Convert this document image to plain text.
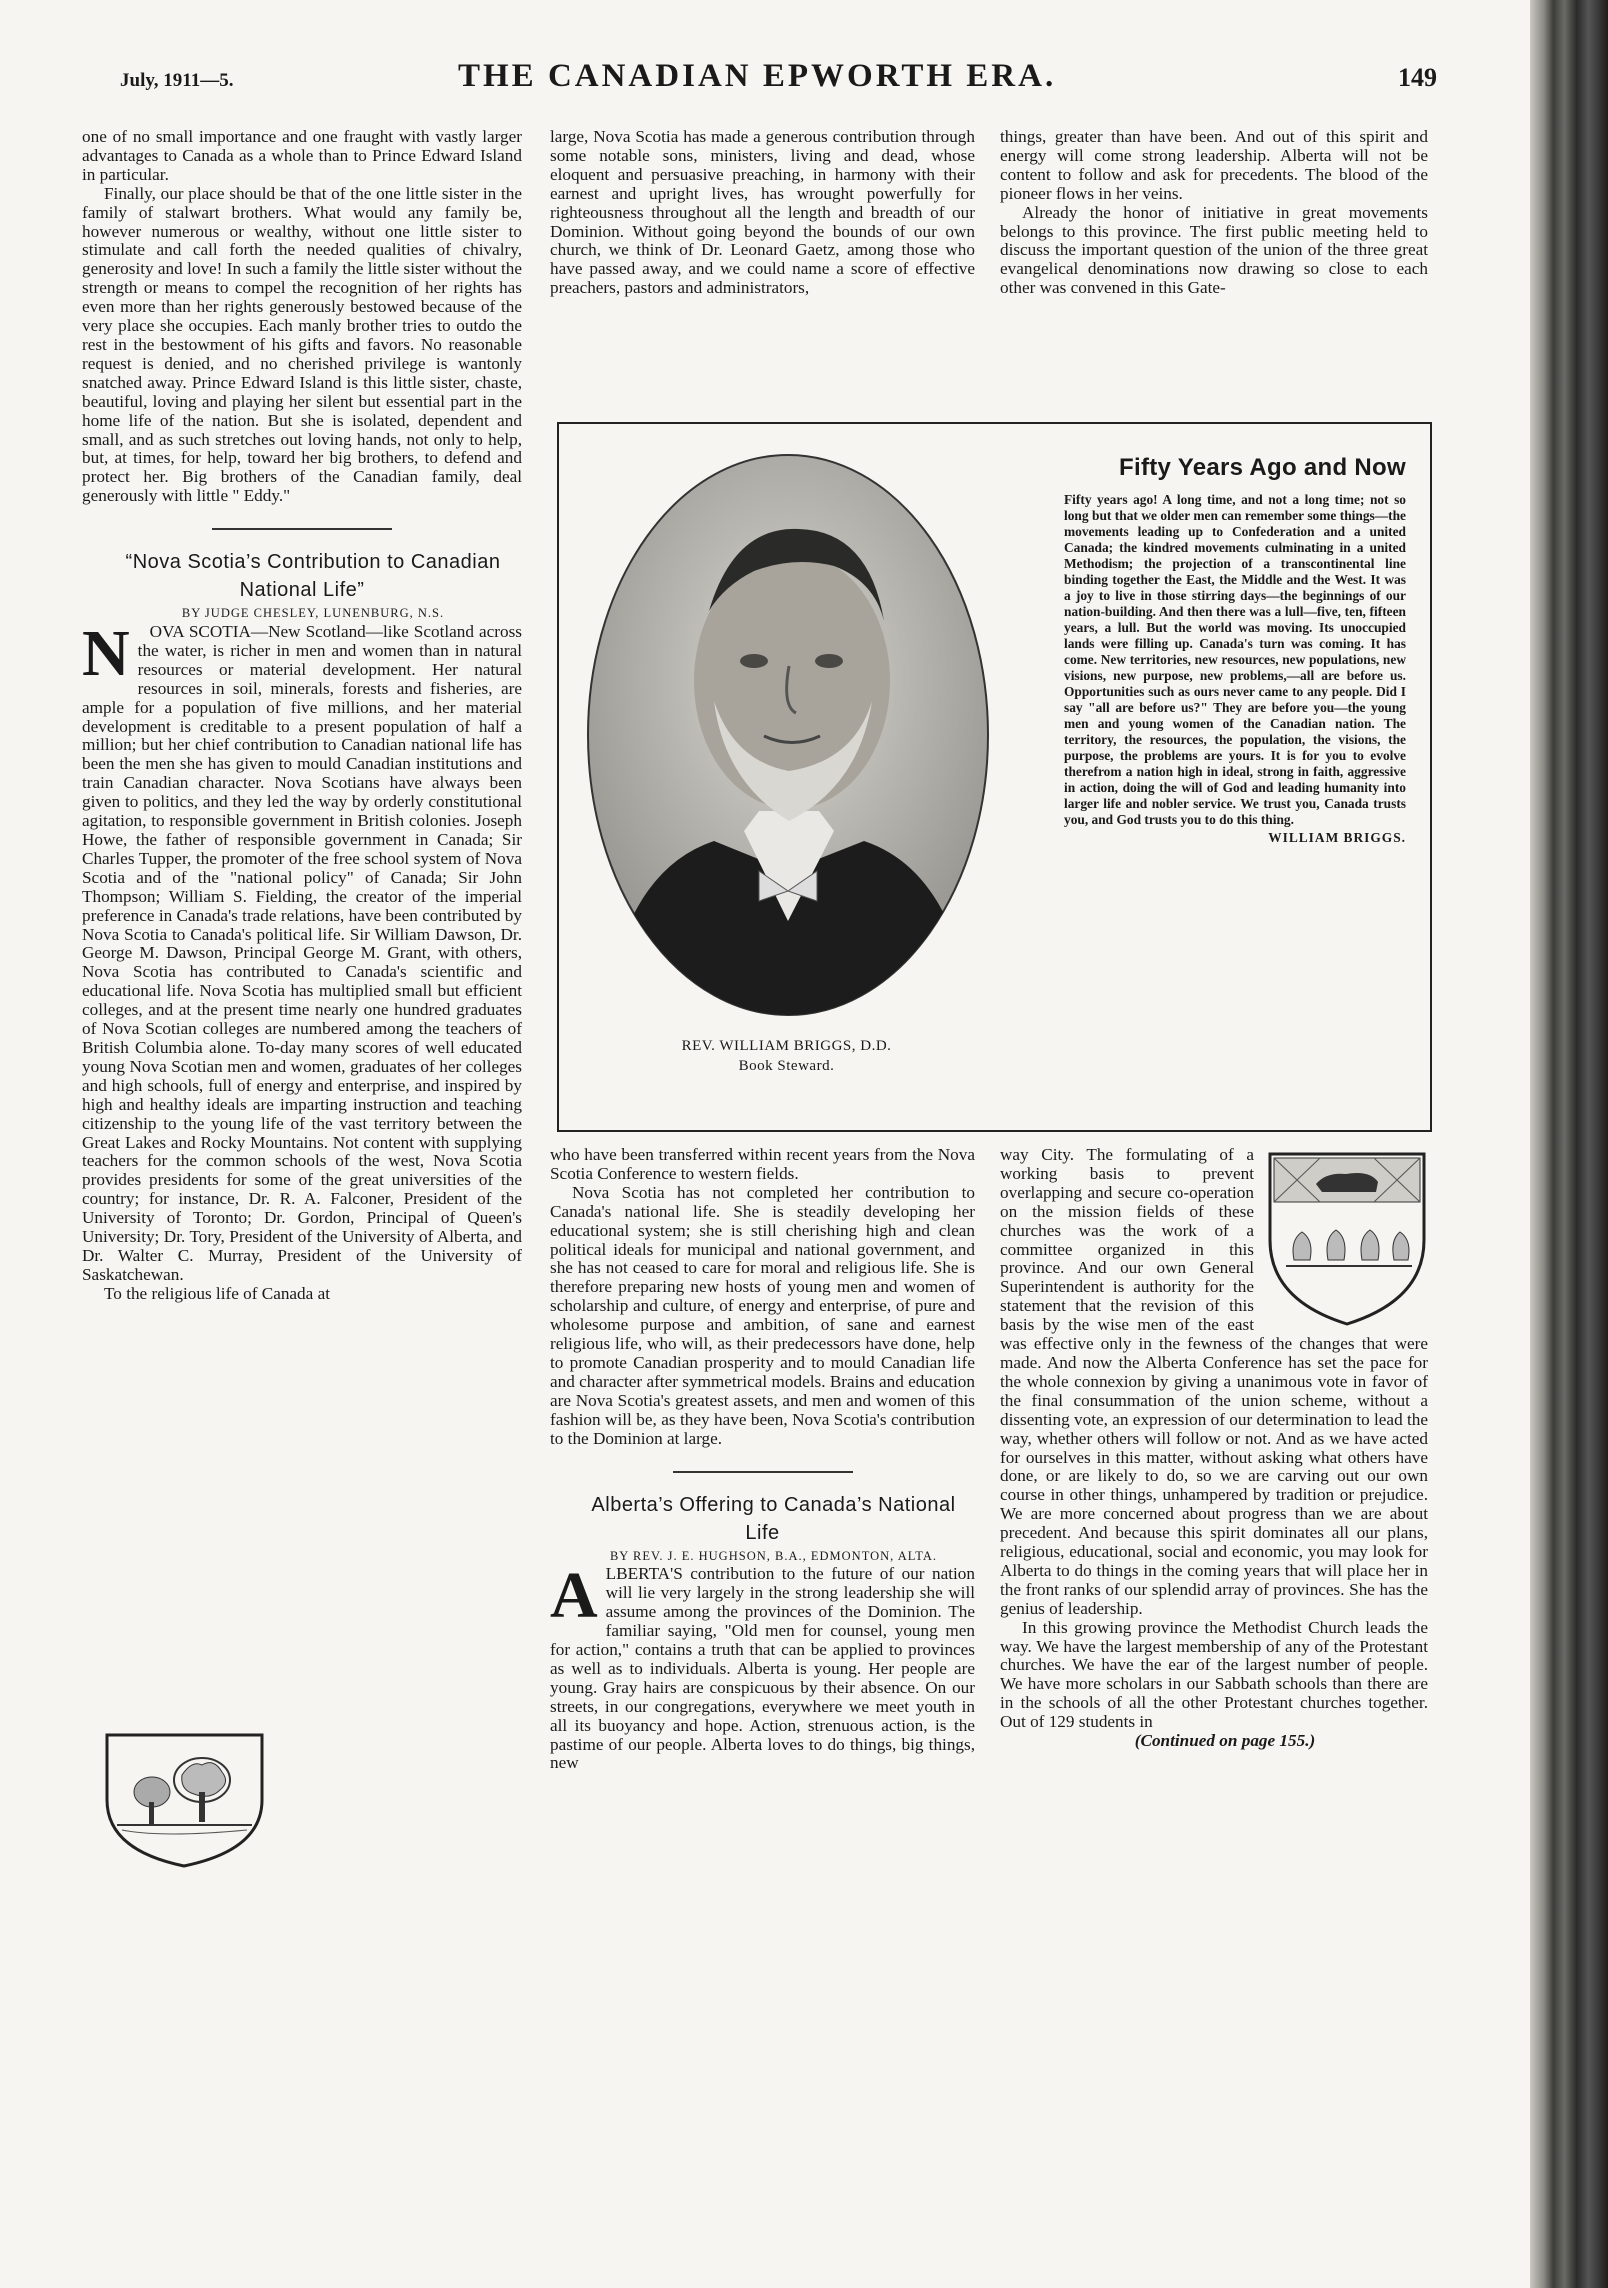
July, 1911—5.	THE CANADIAN EPWORTH ERA.	149

one of no small importance and one fraught with vastly larger advantages to Canada as a whole than to Prince Edward Island in particular.

Finally, our place should be that of the one little sister in the family of stalwart brothers. What would any family be, however numerous or wealthy, without one little sister to stimulate and call forth the needed qualities of chivalry, generosity and love! In such a family the little sister without the strength or means to compel the recognition of her rights has even more than her rights generously bestowed because of the very place she occupies. Each manly brother tries to outdo the rest in the bestowment of his gifts and favors. No reasonable request is denied, and no cherished privilege is wantonly snatched away. Prince Edward Island is this little sister, chaste, beautiful, loving and playing her silent but essential part in the home life of the nation. But she is isolated, dependent and small, and as such stretches out loving hands, not only to help, but, at times, for help, toward her big brothers, to defend and protect her. Big brothers of the Canadian family, deal generously with little " Eddy."

“Nova Scotia’s Contribution to Canadian National Life”

BY JUDGE CHESLEY, LUNENBURG, N.S.

N OVA SCOTIA—New Scotland—like Scotland across the water, is richer in men and women than in natural resources or material development. Her natural resources in soil, minerals, forests and fisheries, are ample for a population of five millions, and her material development is creditable to a present population of half a million; but her chief contribution to Canadian national life has been the men she has given to mould Canadian institutions and train Canadian character. Nova Scotians have always been given to politics, and they led the way by orderly constitutional agitation, to responsible government in British colonies. Joseph Howe, the father of responsible government in Canada; Sir Charles Tupper, the promoter of the free school system of Nova Scotia and of the "national policy" of Canada; Sir John Thompson; William S. Fielding, the creator of the imperial preference in Canada's trade relations, have been contributed by Nova Scotia to Canada's political life. Sir William Dawson, Dr. George M. Dawson, Principal George M. Grant, with others, Nova Scotia has contributed to Canada's scientific and educational life. Nova Scotia has multiplied small but efficient colleges, and at the present time nearly one hundred graduates of Nova Scotian colleges are numbered among the teachers of British Columbia alone. To-day many scores of well educated young Nova Scotian men and women, graduates of her colleges and high schools, full of energy and enterprise, and inspired by high and healthy ideals are imparting instruction and teaching citizenship to the young life of the vast territory between the Great Lakes and Rocky Mountains. Not content with supplying teachers for the common schools of the west, Nova Scotia provides presidents for some of the great universities of the country; for instance, Dr. R. A. Falconer, President of the University of Toronto; Dr. Gordon, Principal of Queen's University; Dr. Tory, President of the University of Alberta, and Dr. Walter C. Murray, President of the University of Saskatchewan.

To the religious life of Canada at

large, Nova Scotia has made a generous contribution through some notable sons, ministers, living and dead, whose eloquent and persuasive preaching, in harmony with their earnest and upright lives, has wrought powerfully for righteousness throughout all the length and breadth of our Dominion. Without going beyond the bounds of our own church, we think of Dr. Leonard Gaetz, among those who have passed away, and we could name a score of effective preachers, pastors and administrators,

things, greater than have been. And out of this spirit and energy will come strong leadership. Alberta will not be content to follow and ask for precedents. The blood of the pioneer flows in her veins.

Already the honor of initiative in great movements belongs to this province. The first public meeting held to discuss the important question of the union of the three great evangelical denominations now drawing so close to each other was convened in this Gate-

REV. WILLIAM BRIGGS, D.D.
Book Steward.
Fifty Years Ago and Now
Fifty years ago! A long time, and not a long time; not so long but that we older men can remember some things—the movements leading up to Confederation and a united Canada; the kindred movements culminating in a united Methodism; the projection of a transcontinental line binding together the East, the Middle and the West. It was a joy to live in those stirring days—the beginnings of our nation-building. And then there was a lull—five, ten, fifteen years, a lull. But the world was moving. Its unoccupied lands were filling up. Canada's turn was coming. It has come. New territories, new resources, new populations, new visions, new purpose, new problems,—all are before us. Opportunities such as ours never came to any people. Did I say "all are before us?" They are before you—the young men and young women of the Canadian nation. The territory, the resources, the population, the visions, the purpose, the problems are yours. It is for you to evolve therefrom a nation high in ideal, strong in faith, aggressive in action, doing the will of God and leading humanity into larger life and nobler service. We trust you, Canada trusts you, and God trusts you to do this thing.
WILLIAM BRIGGS.

who have been transferred within recent years from the Nova Scotia Conference to western fields.

Nova Scotia has not completed her contribution to Canada's national life. She is steadily developing her educational system; she is still cherishing high and clean political ideals for municipal and national government, and she has not ceased to care for moral and religious life. She is therefore preparing new hosts of young men and women of scholarship and culture, of energy and enterprise, of pure and wholesome purpose and ambition, of sane and earnest religious life, who will, as their predecessors have done, help to promote Canadian prosperity and to mould Canadian life and character after symmetrical models. Brains and education are Nova Scotia's greatest assets, and men and women of this fashion will be, as they have been, Nova Scotia's contribution to the Dominion at large.

Alberta’s Offering to Canada’s National Life

BY REV. J. E. HUGHSON, B.A., EDMONTON, ALTA.

A LBERTA'S contribution to the future of our nation will lie very largely in the strong leadership she will assume among the provinces of the Dominion. The familiar saying, "Old men for counsel, young men for action," contains a truth that can be applied to provinces as well as to individuals. Alberta is young. Her people are young. Gray hairs are conspicuous by their absence. On our streets, in our congregations, everywhere we meet youth in all its buoyancy and hope. Action, strenuous action, is the pastime of our people. Alberta loves to do things, big things, new

way City. The formulating of a working basis to prevent overlapping and secure co-operation on the mission fields of these churches was the work of a committee organized in this province. And our own General Superintendent is authority for the statement that the revision of this basis by the wise men of the east was effective only in the fewness of the changes that were made. And now the Alberta Conference has set the pace for the whole connexion by giving a unanimous vote in favor of the final consummation of the union scheme, without a dissenting vote, an expression of our determination to lead the way, whether others will follow or not. And as we have acted for ourselves in this matter, without asking what others have done, or are likely to do, so we are carving out our own course in other things, unhampered by tradition or prejudice. We are more concerned about progress than we are about precedent. And because this spirit dominates all our plans, religious, educational, social and economic, you may look for Alberta to do things in the coming years that will place her in the front ranks of our splendid array of provinces. She has the genius of leadership.

In this growing province the Methodist Church leads the way. We have the largest membership of any of the Protestant churches. We have the ear of the largest number of people. We have more scholars in our Sabbath schools than there are in the schools of all the other Protestant churches together. Out of 129 students in

(Continued on page 155.)
